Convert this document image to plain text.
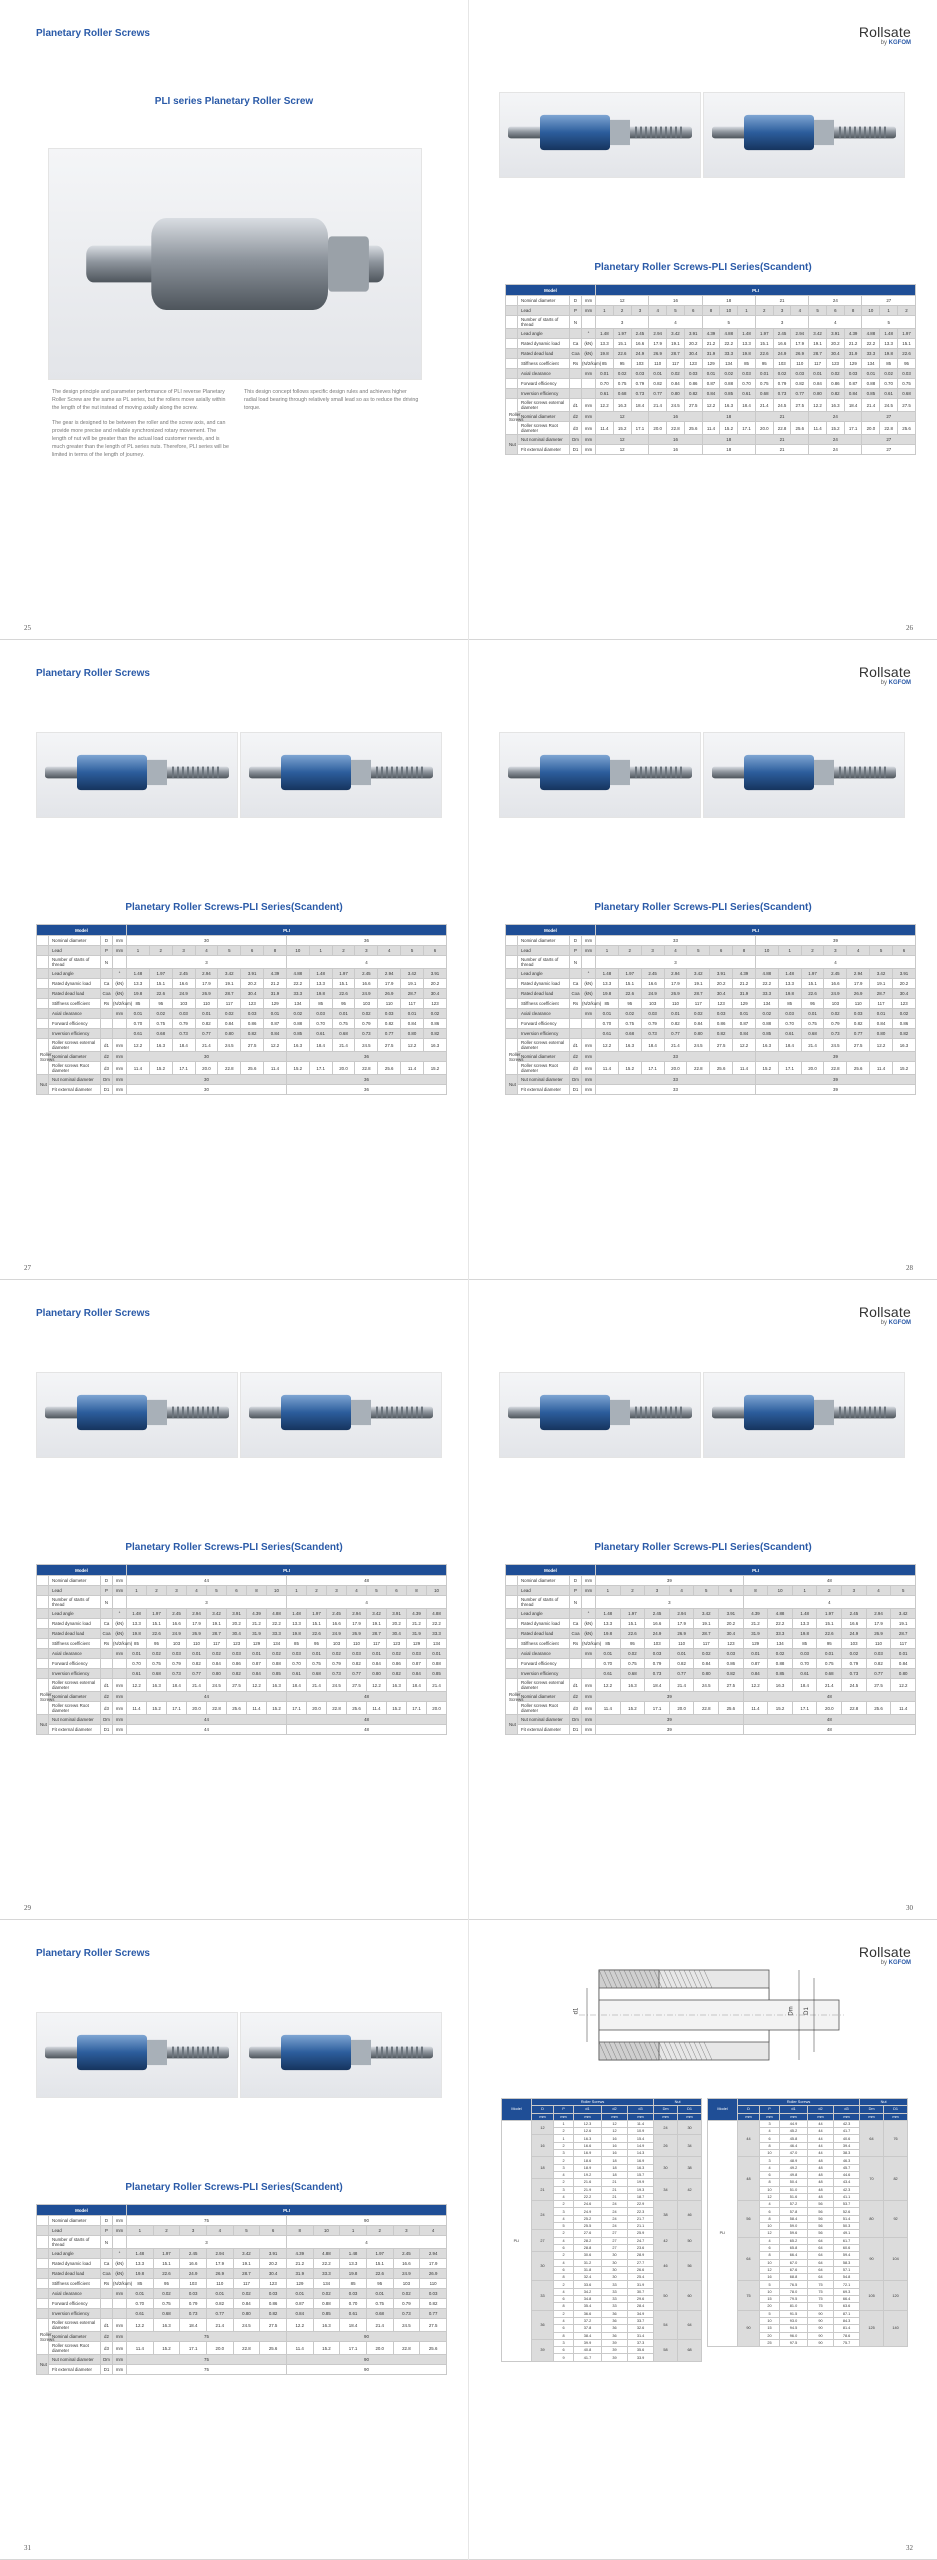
Planetary Roller Screws
25
PLI series Planetary Roller Screw

The design principle and parameter performance of PLI reverse Planetary Roller Screw are the same as PL series, but the rollers move axially within the length of the nut instead of moving axially along the screw.

The gear is designed to be between the roller and the screw axis, and can provide more precise and reliable synchronized rotary movement. The length of nut will be greater than the actual load customer needs, and is much greater than the length of PL series nuts. Therefore, PLI series will be limited in terms of the length of journey.

This design concept follows specific design rules and achieves higher radial load bearing through relatively small lead so as to reduce the driving torque.

Rollsate
by KGFOM
26
Planetary Roller Screws-PLI Series(Scandent)
Model				PLI																	
	Nominal diameter	D	mm	12			16			18			21			24			27		
	Lead	P	mm	1	2	3	4	5	6	8	10	1	2	3	4	5	6	8	10	1	2
	Number of starts of thread	N		3			4			5			3			4			5		
	Lead angle		°	1.48	1.97	2.45	2.94	3.42	3.91	4.39	4.88	1.48	1.97	2.45	2.94	3.42	3.91	4.39	4.88	1.48	1.97
	Rated dynamic load	Ca	(kN)	13.3	15.1	16.6	17.9	19.1	20.2	21.2	22.2	13.3	15.1	16.6	17.9	19.1	20.2	21.2	22.2	13.3	15.1
	Rated dead load	Coa	(kN)	19.8	22.6	24.9	26.9	28.7	30.4	31.9	33.3	19.8	22.6	24.9	26.9	28.7	30.4	31.9	33.3	19.8	22.6
	Stiffness coefficient	Rs	(N/2/kum)	85	95	103	110	117	123	129	134	85	95	103	110	117	123	129	134	85	95
	Axial clearance		mm	0.01	0.02	0.03	0.01	0.02	0.03	0.01	0.02	0.03	0.01	0.02	0.03	0.01	0.02	0.03	0.01	0.02	0.03
	Forward efficiency			0.70	0.75	0.79	0.82	0.84	0.86	0.87	0.88	0.70	0.75	0.79	0.82	0.84	0.86	0.87	0.88	0.70	0.75
	Inversion efficiency			0.61	0.68	0.73	0.77	0.80	0.82	0.84	0.85	0.61	0.68	0.73	0.77	0.80	0.82	0.84	0.85	0.61	0.68
Roller Screws	Roller screws external diameter	d1	mm	12.2	16.3	18.4	21.4	24.5	27.5	12.2	16.3	18.4	21.4	24.5	27.5	12.2	16.3	18.4	21.4	24.5	27.5
	Nominal diameter	d2	mm	12			16			18			21			24			27		
	Roller screws Root diameter	d3	mm	11.4	15.2	17.1	20.0	22.8	25.6	11.4	15.2	17.1	20.0	22.8	25.6	11.4	15.2	17.1	20.0	22.8	25.6
Nut	Nut nominal diameter	Dm	mm	12			16			18			21			24			27		
	Fit external diameter	D1	mm	12			16			18			21			24			27		
Planetary Roller Screws
27
Planetary Roller Screws-PLI Series(Scandent)
Model				PLI													
	Nominal diameter	D	mm	30							36						
	Lead	P	mm	1	2	3	4	5	6	8	10	1	2	3	4	5	6
	Number of starts of thread	N		3							4						
	Lead angle		°	1.48	1.97	2.45	2.94	3.42	3.91	4.39	4.88	1.48	1.97	2.45	2.94	3.42	3.91
	Rated dynamic load	Ca	(kN)	13.3	15.1	16.6	17.9	19.1	20.2	21.2	22.2	13.3	15.1	16.6	17.9	19.1	20.2
	Rated dead load	Coa	(kN)	19.8	22.6	24.9	26.9	28.7	30.4	31.9	33.3	19.8	22.6	24.9	26.9	28.7	30.4
	Stiffness coefficient	Rs	(N/2/kum)	85	95	103	110	117	123	129	134	85	95	103	110	117	123
	Axial clearance		mm	0.01	0.02	0.03	0.01	0.02	0.03	0.01	0.02	0.03	0.01	0.02	0.03	0.01	0.02
	Forward efficiency			0.70	0.75	0.79	0.82	0.84	0.86	0.87	0.88	0.70	0.75	0.79	0.82	0.84	0.86
	Inversion efficiency			0.61	0.68	0.73	0.77	0.80	0.82	0.84	0.85	0.61	0.68	0.73	0.77	0.80	0.82
Roller Screws	Roller screws external diameter	d1	mm	12.2	16.3	18.4	21.4	24.5	27.5	12.2	16.3	18.4	21.4	24.5	27.5	12.2	16.3
	Nominal diameter	d2	mm	30							36						
	Roller screws Root diameter	d3	mm	11.4	15.2	17.1	20.0	22.8	25.6	11.4	15.2	17.1	20.0	22.8	25.6	11.4	15.2
Nut	Nut nominal diameter	Dm	mm	30							36						
	Fit external diameter	D1	mm	30							36						
Rollsate
by KGFOM
28
Planetary Roller Screws-PLI Series(Scandent)
Model				PLI													
	Nominal diameter	D	mm	33							39						
	Lead	P	mm	1	2	3	4	5	6	8	10	1	2	3	4	5	6
	Number of starts of thread	N		3							4						
	Lead angle		°	1.48	1.97	2.45	2.94	3.42	3.91	4.39	4.88	1.48	1.97	2.45	2.94	3.42	3.91
	Rated dynamic load	Ca	(kN)	13.3	15.1	16.6	17.9	19.1	20.2	21.2	22.2	13.3	15.1	16.6	17.9	19.1	20.2
	Rated dead load	Coa	(kN)	19.8	22.6	24.9	26.9	28.7	30.4	31.9	33.3	19.8	22.6	24.9	26.9	28.7	30.4
	Stiffness coefficient	Rs	(N/2/kum)	85	95	103	110	117	123	129	134	85	95	103	110	117	123
	Axial clearance		mm	0.01	0.02	0.03	0.01	0.02	0.03	0.01	0.02	0.03	0.01	0.02	0.03	0.01	0.02
	Forward efficiency			0.70	0.75	0.79	0.82	0.84	0.86	0.87	0.88	0.70	0.75	0.79	0.82	0.84	0.86
	Inversion efficiency			0.61	0.68	0.73	0.77	0.80	0.82	0.84	0.85	0.61	0.68	0.73	0.77	0.80	0.82
Roller Screws	Roller screws external diameter	d1	mm	12.2	16.3	18.4	21.4	24.5	27.5	12.2	16.3	18.4	21.4	24.5	27.5	12.2	16.3
	Nominal diameter	d2	mm	33							39						
	Roller screws Root diameter	d3	mm	11.4	15.2	17.1	20.0	22.8	25.6	11.4	15.2	17.1	20.0	22.8	25.6	11.4	15.2
Nut	Nut nominal diameter	Dm	mm	33							39						
	Fit external diameter	D1	mm	33							39						
Planetary Roller Screws
29
Planetary Roller Screws-PLI Series(Scandent)
Model				PLI															
	Nominal diameter	D	mm	44								48							
	Lead	P	mm	1	2	3	4	5	6	8	10	1	2	3	4	5	6	8	10
	Number of starts of thread	N		3								4							
	Lead angle		°	1.48	1.97	2.45	2.94	3.42	3.91	4.39	4.88	1.48	1.97	2.45	2.94	3.42	3.91	4.39	4.88
	Rated dynamic load	Ca	(kN)	13.3	15.1	16.6	17.9	19.1	20.2	21.2	22.2	13.3	15.1	16.6	17.9	19.1	20.2	21.2	22.2
	Rated dead load	Coa	(kN)	19.8	22.6	24.9	26.9	28.7	30.4	31.9	33.3	19.8	22.6	24.9	26.9	28.7	30.4	31.9	33.3
	Stiffness coefficient	Rs	(N/2/kum)	85	95	103	110	117	123	129	134	85	95	103	110	117	123	129	134
	Axial clearance		mm	0.01	0.02	0.03	0.01	0.02	0.03	0.01	0.02	0.03	0.01	0.02	0.03	0.01	0.02	0.03	0.01
	Forward efficiency			0.70	0.75	0.79	0.82	0.84	0.86	0.87	0.88	0.70	0.75	0.79	0.82	0.84	0.86	0.87	0.88
	Inversion efficiency			0.61	0.68	0.73	0.77	0.80	0.82	0.84	0.85	0.61	0.68	0.73	0.77	0.80	0.82	0.84	0.85
Roller Screws	Roller screws external diameter	d1	mm	12.2	16.3	18.4	21.4	24.5	27.5	12.2	16.3	18.4	21.4	24.5	27.5	12.2	16.3	18.4	21.4
	Nominal diameter	d2	mm	44								48							
	Roller screws Root diameter	d3	mm	11.4	15.2	17.1	20.0	22.8	25.6	11.4	15.2	17.1	20.0	22.8	25.6	11.4	15.2	17.1	20.0
Nut	Nut nominal diameter	Dm	mm	44								48							
	Fit external diameter	D1	mm	44								48							
Rollsate
by KGFOM
30
Planetary Roller Screws-PLI Series(Scandent)
Model				PLI												
	Nominal diameter	D	mm	39						48						
	Lead	P	mm	1	2	3	4	5	6	8	10	1	2	3	4	5
	Number of starts of thread	N		3						4						
	Lead angle		°	1.48	1.97	2.45	2.94	3.42	3.91	4.39	4.88	1.48	1.97	2.45	2.94	3.42
	Rated dynamic load	Ca	(kN)	13.3	15.1	16.6	17.9	19.1	20.2	21.2	22.2	13.3	15.1	16.6	17.9	19.1
	Rated dead load	Coa	(kN)	19.8	22.6	24.9	26.9	28.7	30.4	31.9	33.3	19.8	22.6	24.9	26.9	28.7
	Stiffness coefficient	Rs	(N/2/kum)	85	95	103	110	117	123	129	134	85	95	103	110	117
	Axial clearance		mm	0.01	0.02	0.03	0.01	0.02	0.03	0.01	0.02	0.03	0.01	0.02	0.03	0.01
	Forward efficiency			0.70	0.75	0.79	0.82	0.84	0.86	0.87	0.88	0.70	0.75	0.79	0.82	0.84
	Inversion efficiency			0.61	0.68	0.73	0.77	0.80	0.82	0.84	0.85	0.61	0.68	0.73	0.77	0.80
Roller Screws	Roller screws external diameter	d1	mm	12.2	16.3	18.4	21.4	24.5	27.5	12.2	16.3	18.4	21.4	24.5	27.5	12.2
	Nominal diameter	d2	mm	39						48						
	Roller screws Root diameter	d3	mm	11.4	15.2	17.1	20.0	22.8	25.6	11.4	15.2	17.1	20.0	22.8	25.6	11.4
Nut	Nut nominal diameter	Dm	mm	39						48						
	Fit external diameter	D1	mm	39						48						
Planetary Roller Screws
31
Planetary Roller Screws-PLI Series(Scandent)
Model				PLI											
	Nominal diameter	D	mm	75						90					
	Lead	P	mm	1	2	3	4	5	6	8	10	1	2	3	4
	Number of starts of thread	N		3						4					
	Lead angle		°	1.48	1.97	2.45	2.94	3.42	3.91	4.39	4.88	1.48	1.97	2.45	2.94
	Rated dynamic load	Ca	(kN)	13.3	15.1	16.6	17.9	19.1	20.2	21.2	22.2	13.3	15.1	16.6	17.9
	Rated dead load	Coa	(kN)	19.8	22.6	24.9	26.9	28.7	30.4	31.9	33.3	19.8	22.6	24.9	26.9
	Stiffness coefficient	Rs	(N/2/kum)	85	95	103	110	117	123	129	134	85	95	103	110
	Axial clearance		mm	0.01	0.02	0.03	0.01	0.02	0.03	0.01	0.02	0.03	0.01	0.02	0.03
	Forward efficiency			0.70	0.75	0.79	0.82	0.84	0.86	0.87	0.88	0.70	0.75	0.79	0.82
	Inversion efficiency			0.61	0.68	0.73	0.77	0.80	0.82	0.84	0.85	0.61	0.68	0.73	0.77
Roller Screws	Roller screws external diameter	d1	mm	12.2	16.3	18.4	21.4	24.5	27.5	12.2	16.3	18.4	21.4	24.5	27.5
	Nominal diameter	d2	mm	75						90					
	Roller screws Root diameter	d3	mm	11.4	15.2	17.1	20.0	22.8	25.6	11.4	15.2	17.1	20.0	22.8	25.6
Nut	Nut nominal diameter	Dm	mm	75						90					
	Fit external diameter	D1	mm	75						90					
Rollsate
by KGFOM
32
d1	Dm D1
Model	Roller Screws					Nut	
	D	P	d1	d2	d3	Dm	D1
	mm	mm	mm	mm	mm	mm	mm
PLI	12	1	12.3	12	11.4	24	30
		2	12.6	12	10.9		
	16	1	16.3	16	15.4	26	34
		2	16.6	16	14.9		
		3	16.9	16	14.3		
	18	2	18.6	18	16.9	30	38
		3	18.9	18	16.3		
		4	19.2	18	15.7		
	21	2	21.6	21	19.9	34	42
		3	21.9	21	19.3		
		4	22.2	21	18.7		
	24	2	24.6	24	22.9	38	46
		3	24.9	24	22.3		
		4	25.2	24	21.7		
		5	25.5	24	21.1		
	27	2	27.6	27	25.9	42	50
		4	28.2	27	24.7		
		6	28.8	27	23.6		
	30	2	30.6	30	28.9	46	56
		4	31.2	30	27.7		
		6	31.8	30	26.6		
		8	32.4	30	25.4		
	33	2	33.6	33	31.9	50	60
		4	34.2	33	30.7		
		6	34.8	33	29.6		
		8	35.4	33	28.4		
	36	2	36.6	36	34.9	54	64
		4	37.2	36	33.7		
		6	37.8	36	32.6		
		8	38.4	36	31.4		
	39	3	39.9	39	37.3	58	68
		6	40.8	39	35.6		
		9	41.7	39	33.9		
Model	Roller Screws					Nut	
	D	P	d1	d2	d3	Dm	D1
	mm	mm	mm	mm	mm	mm	mm
PLI	44	3	44.9	44	42.3	64	76
		4	45.2	44	41.7		
		6	45.8	44	40.6		
		8	46.4	44	39.4		
		10	47.0	44	38.3		
	48	3	48.9	48	46.3	70	82
		4	49.2	48	45.7		
		6	49.8	48	44.6		
		8	50.4	48	43.4		
		10	51.0	48	42.3		
		12	51.6	48	41.1		
	56	4	57.2	56	53.7	80	92
		6	57.8	56	52.6		
		8	58.4	56	51.4		
		10	59.0	56	50.3		
		12	59.6	56	49.1		
	64	4	65.2	64	61.7	90	104
		6	65.8	64	60.6		
		8	66.4	64	59.4		
		10	67.0	64	58.3		
		12	67.6	64	57.1		
		16	68.8	64	54.8		
	75	5	76.5	75	72.1	105	120
		10	78.0	75	69.3		
		15	79.5	75	66.4		
		20	81.0	75	63.6		
	90	5	91.5	90	87.1	125	140
		10	93.0	90	84.3		
		15	94.5	90	81.4		
		20	96.0	90	78.6		
		25	97.5	90	75.7		
